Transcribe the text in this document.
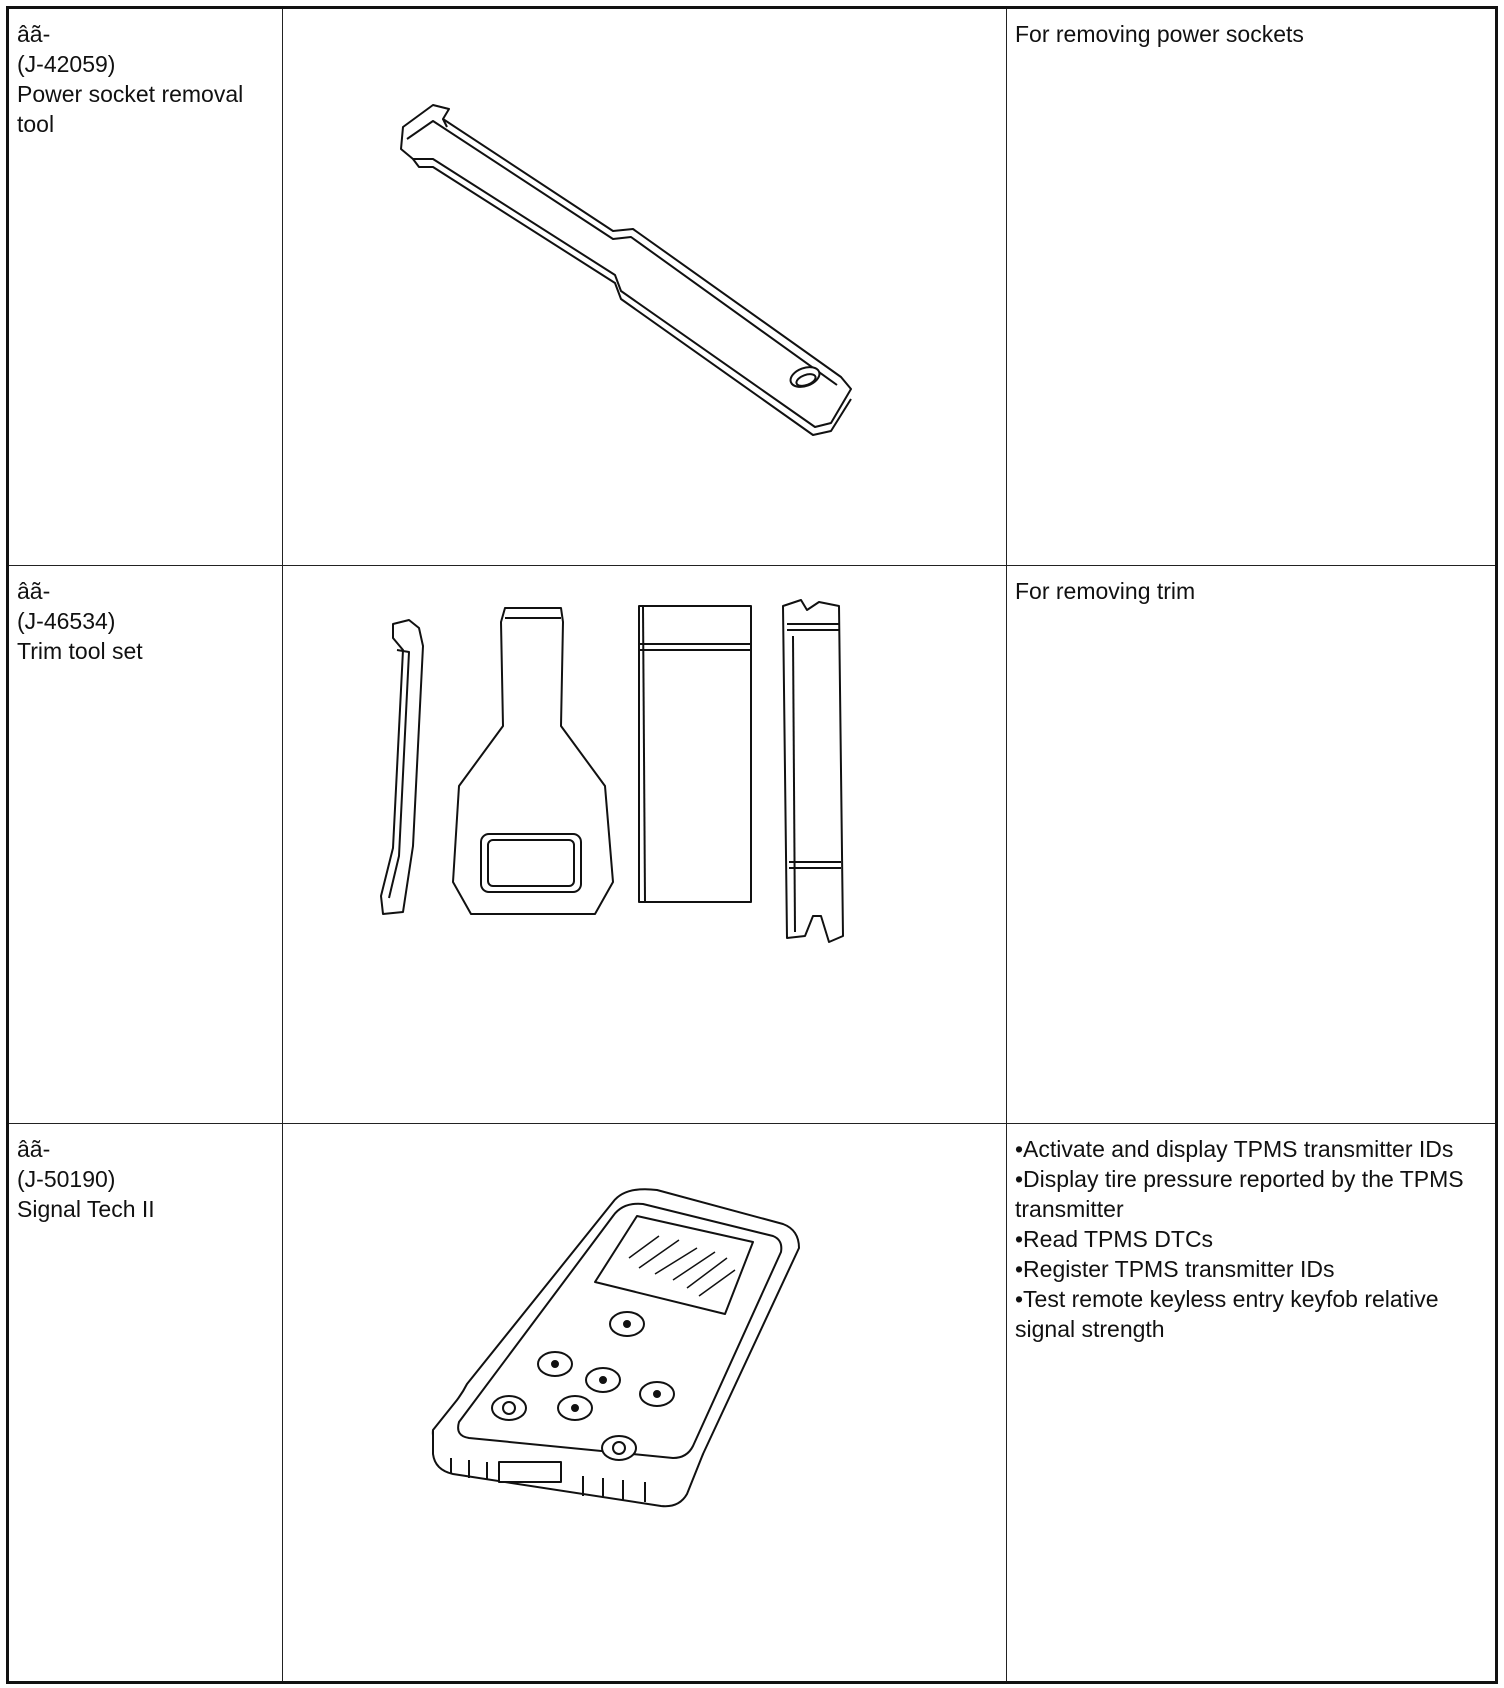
âã-
(J-42059)
Power socket removal tool
For removing power sockets
âã-
(J-46534)
Trim tool set
For removing trim
âã-
(J-50190)
Signal Tech II
•Activate and display TPMS transmitter IDs
•Display tire pressure reported by the TPMS transmitter
•Read TPMS DTCs
•Register TPMS transmitter IDs
•Test remote keyless entry keyfob relative signal strength
